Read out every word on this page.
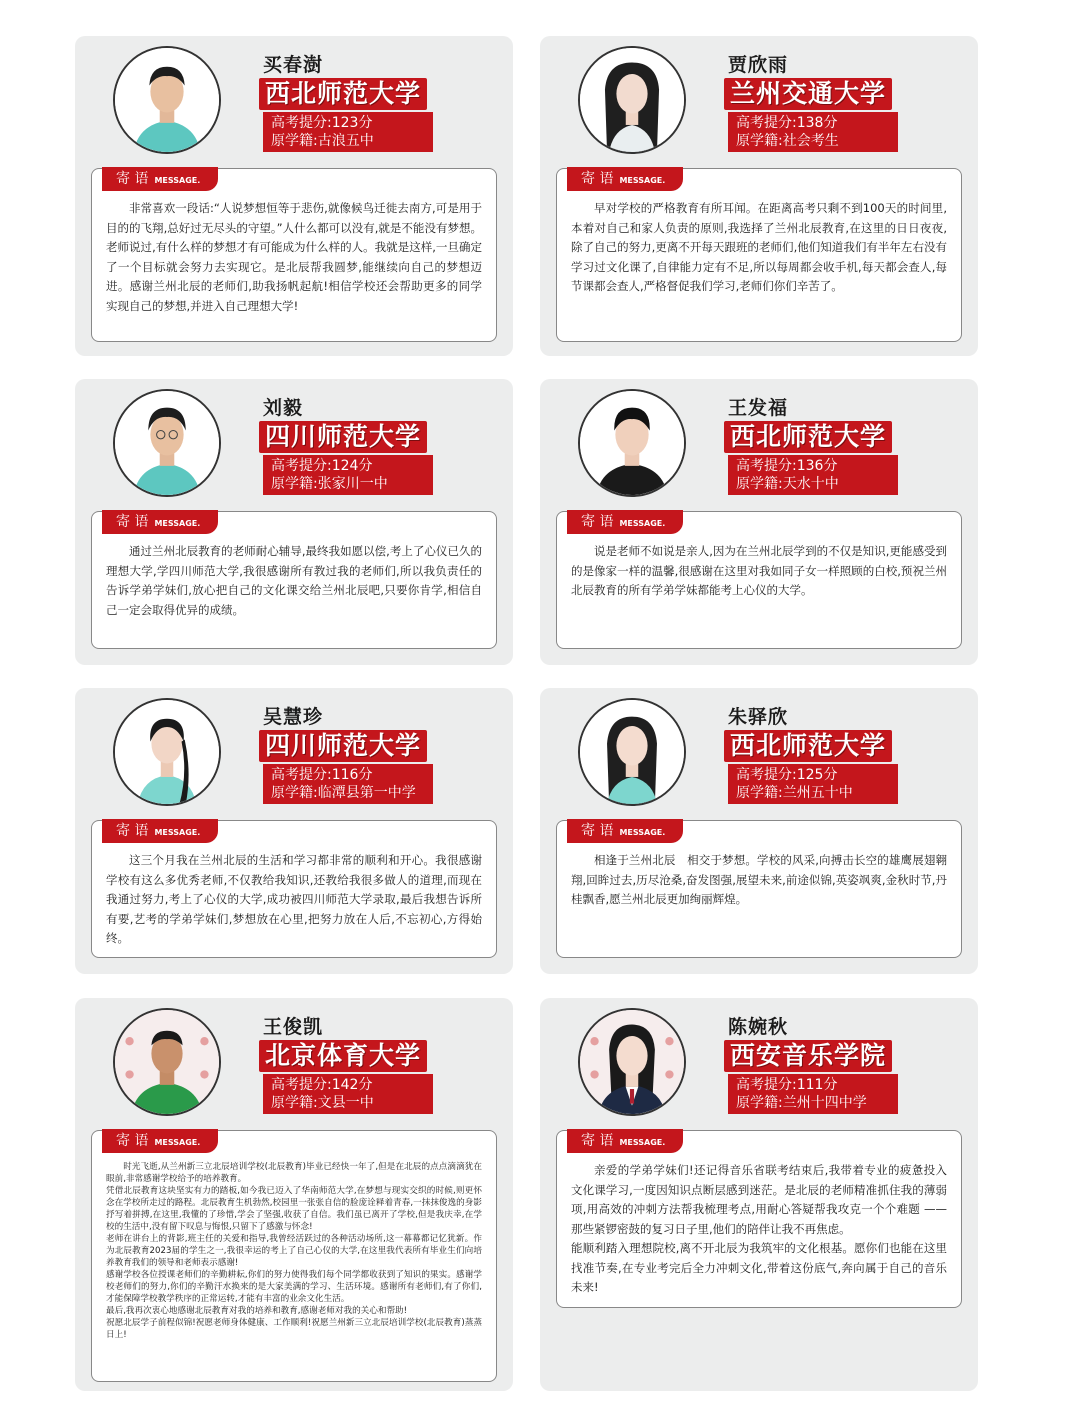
买春澍
西北师范大学
高考提分:123分
原学籍:古浪五中
寄 语 MESSAGE.
非常喜欢一段话:“人说梦想恒等于悲伤,就像候鸟迁徙去南方,可是用于目的的飞翔,总好过无尽头的守望。”人什么都可以没有,就是不能没有梦想。老师说过,有什么样的梦想才有可能成为什么样的人。我就是这样,一旦确定了一个目标就会努力去实现它。是北辰帮我圆梦,能继续向自己的梦想迈进。感谢兰州北辰的老师们,助我扬帆起航!相信学校还会帮助更多的同学实现自己的梦想,并进入自己理想大学!
贾欣雨
兰州交通大学
高考提分:138分
原学籍:社会考生
寄 语 MESSAGE.
早对学校的严格教育有所耳闻。在距离高考只剩不到100天的时间里,本着对自己和家人负责的原则,我选择了兰州北辰教育,在这里的日日夜夜,除了自己的努力,更离不开每天跟班的老师们,他们知道我们有半年左右没有学习过文化课了,自律能力定有不足,所以每周都会收手机,每天都会查人,每节课都会查人,严格督促我们学习,老师们你们辛苦了。
刘毅
四川师范大学
高考提分:124分
原学籍:张家川一中
寄 语 MESSAGE.
通过兰州北辰教育的老师耐心辅导,最终我如愿以偿,考上了心仪已久的理想大学,学四川师范大学,我很感谢所有教过我的老师们,所以我负责任的告诉学弟学妹们,放心把自己的文化课交给兰州北辰吧,只要你肯学,相信自己一定会取得优异的成绩。
王发福
西北师范大学
高考提分:136分
原学籍:天水十中
寄 语 MESSAGE.
说是老师不如说是亲人,因为在兰州北辰学到的不仅是知识,更能感受到的是像家一样的温馨,很感谢在这里对我如同子女一样照顾的白校,预祝兰州北辰教育的所有学弟学妹都能考上心仪的大学。
吴慧珍
四川师范大学
高考提分:116分
原学籍:临潭县第一中学
寄 语 MESSAGE.
这三个月我在兰州北辰的生活和学习都非常的顺利和开心。我很感谢学校有这么多优秀老师,不仅教给我知识,还教给我很多做人的道理,而现在我通过努力,考上了心仪的大学,成功被四川师范大学录取,最后我想告诉所有要,艺考的学弟学妹们,梦想放在心里,把努力放在人后,不忘初心,方得始终。
朱驿欣
西北师范大学
高考提分:125分
原学籍:兰州五十中
寄 语 MESSAGE.
相逢于兰州北辰　相交于梦想。学校的风采,向搏击长空的雄鹰展翅翱翔,回眸过去,历尽沧桑,奋发图强,展望未来,前途似锦,英姿飒爽,金秋时节,丹桂飘香,愿兰州北辰更加绚丽辉煌。
王俊凯
北京体育大学
高考提分:142分
原学籍:文县一中
寄 语 MESSAGE.
时光飞逝,从兰州新三立北辰培训学校(北辰教育)毕业已经快一年了,但是在北辰的点点滴滴犹在眼前,非常感谢学校给予的培养教育。
凭借北辰教育这块坚实有力的踏板,如今我已迈入了华南师范大学,在梦想与现实交织的时候,则更怀念在学校所走过的路程。北辰教育生机勃然,校园里一张张自信的脸庞诠释着青春,一抹抹俊逸的身影抒写着拼搏,在这里,我懂的了珍惜,学会了坚强,收获了自信。我们虽已离开了学校,但是我庆幸,在学校的生活中,没有留下叹息与悔恨,只留下了感激与怀念!
老师在讲台上的背影,班主任的关爱和指导,我曾经活跃过的各种活动场所,这一幕幕都记忆犹新。作为北辰教育2023届的学生之一,我很幸运的考上了自己心仪的大学,在这里我代表所有毕业生们向培养教育我们的领导和老师表示感谢!
感谢学校各位授课老师们的辛勤耕耘,你们的努力使得我们每个同学都收获到了知识的果实。感谢学校老师们的努力,你们的辛勤汗水换来的是大家美满的学习、生活环境。感谢所有老师们,有了你们,才能保障学校教学秩序的正常运转,才能有丰富的业余文化生活。
最后,我再次衷心地感谢北辰教育对我的培养和教育,感谢老师对我的关心和帮助!
祝愿北辰学子前程似锦!祝愿老师身体健康、工作顺利!祝愿兰州新三立北辰培训学校(北辰教育)蒸蒸日上!
陈婉秋
西安音乐学院
高考提分:111分
原学籍:兰州十四中学
寄 语 MESSAGE.
亲爱的学弟学妹们!还记得音乐省联考结束后,我带着专业的疲惫投入文化课学习,一度因知识点断层感到迷茫。是北辰的老师精准抓住我的薄弱项,用高效的冲刺方法帮我梳理考点,用耐心答疑帮我攻克一个个难题 —— 那些紧锣密鼓的复习日子里,他们的陪伴让我不再焦虑。
能顺利踏入理想院校,离不开北辰为我筑牢的文化根基。愿你们也能在这里找准节奏,在专业考完后全力冲刺文化,带着这份底气,奔向属于自己的音乐未来!
